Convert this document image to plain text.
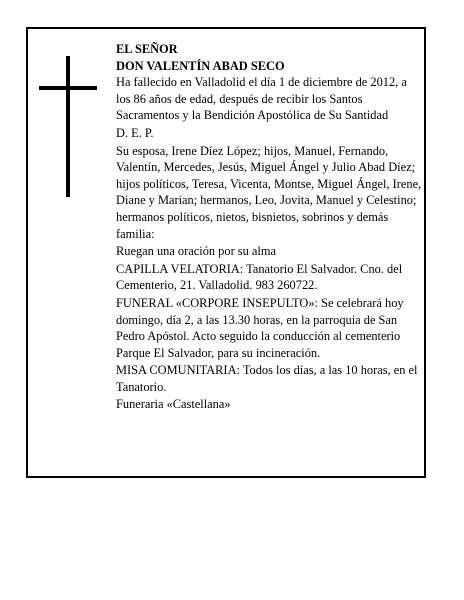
EL SEÑOR
DON VALENTÍN ABAD SECO
Ha fallecido en Valladolid el día 1 de diciembre de 2012, a los 86 años de edad, después de recibir los Santos Sacramentos y la Bendición Apostólica de Su Santidad
D. E. P.
Su esposa, Irene Díez López; hijos, Manuel, Fernando, Valentín, Mercedes, Jesús, Miguel Ángel y Julio Abad Díez; hijos políticos, Teresa, Vicenta, Montse, Miguel Ángel, Irene, Diane y Marian; hermanos, Leo, Jovita, Manuel y Celestino; hermanos políticos, nietos, bisnietos, sobrinos y demás familia:
Ruegan una oración por su alma
CAPILLA VELATORIA: Tanatorio El Salvador. Cno. del Cementerio, 21. Valladolid. 983 260722.
FUNERAL «CORPORE INSEPULTO»: Se celebrará hoy domingo, día 2, a las 13.30 horas, en la parroquia de San Pedro Apóstol. Acto seguido la conducción al cementerio Parque El Salvador, para su incineración.
MISA COMUNITARIA: Todos los días, a las 10 horas, en el Tanatorio.
Funeraria «Castellana»
